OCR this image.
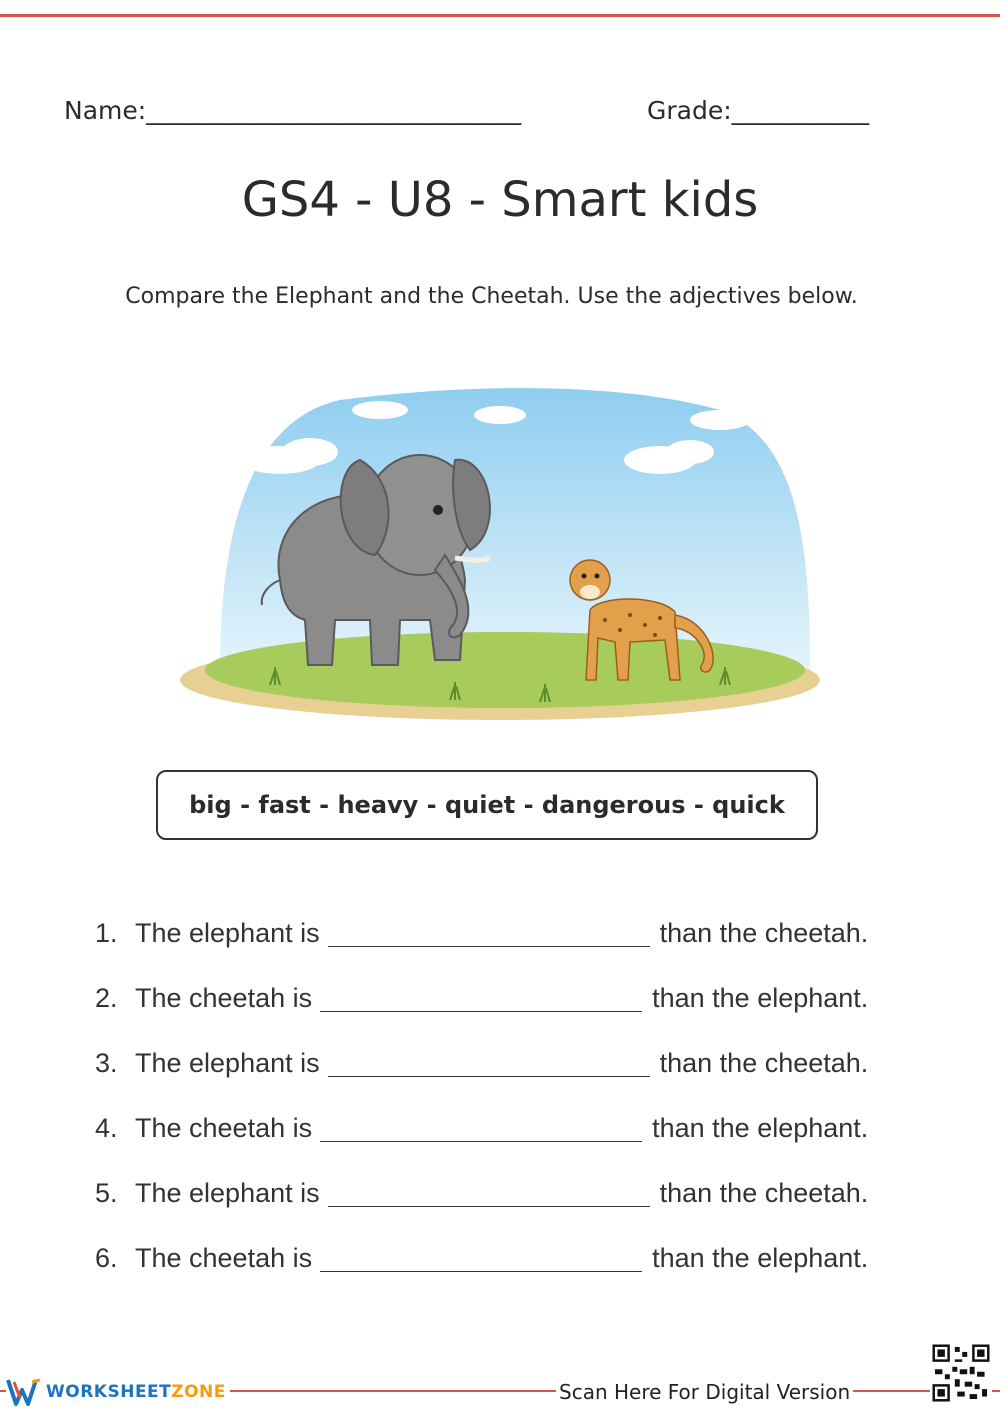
Name:______________________________	Grade:___________
GS4 - U8 - Smart kids
Compare the Elephant and the Cheetah. Use the adjectives below.
big - fast - heavy - quiet - dangerous - quick
1. The elephant is	than the cheetah.
2. The cheetah is	than the elephant.
3. The elephant is	than the cheetah.
4. The cheetah is	than the elephant.
5. The elephant is	than the cheetah.
6. The cheetah is	than the elephant.
WORKSHEETZONE	Scan Here For Digital Version
